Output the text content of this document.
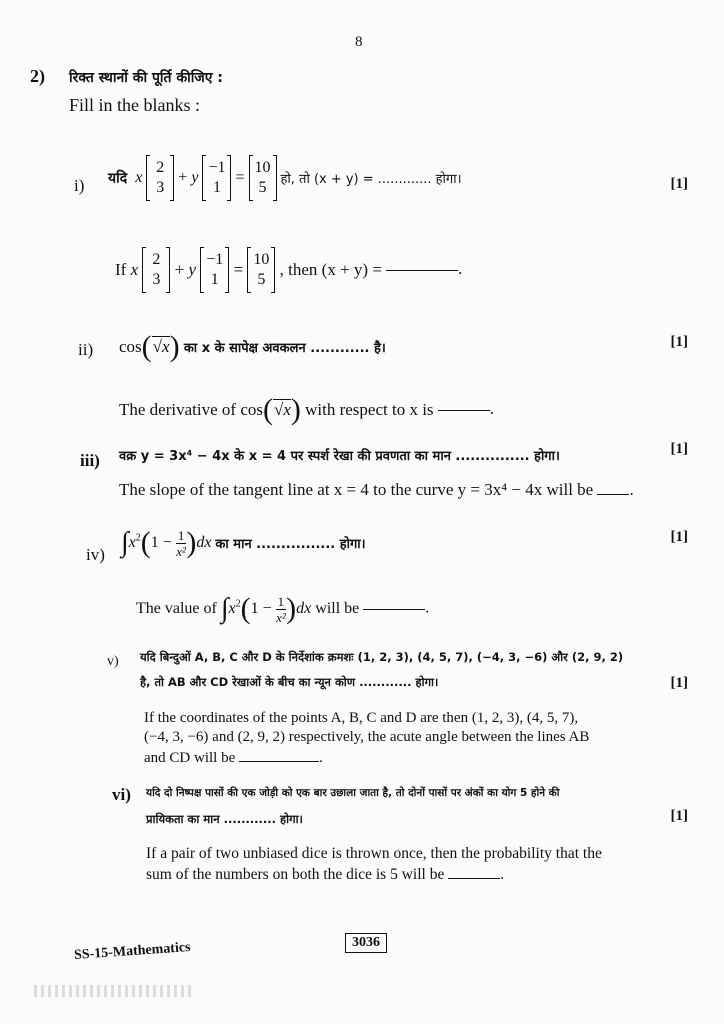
8
2) रिक्त स्थानों की पूर्ति कीजिए :
Fill in the blanks :
i) यदि x
2
3
+ y
−1
1
=
10
5	हो, तो (x + y) = ............. होगा।	[1]
If x
2
3
+ y
−1
1
=
10
5
, then (x + y) =	.
ii) cos(√x) का x के सापेक्ष अवकलन ............ है।	[1]
The derivative of cos(√x) with respect to x is	.
iii) वक्र y = 3x⁴ − 4x के x = 4 पर स्पर्श रेखा की प्रवणता का मान ............... होगा।	[1]
The slope of the tangent line at x = 4 to the curve y = 3x⁴ − 4x will be .
iv) $\int x^2(1 - \frac{1}{\text{x²}} )dx$ का मान ................ होगा।	[1]
The value of $\int x^2(1 - \frac{1}{\text{x²}} )dx$ will be	.
v) यदि बिन्दुओं A, B, C और D के निर्देशांक क्रमशः (1, 2, 3), (4, 5, 7), (−4, 3, −6) और (2, 9, 2)
है, तो AB और CD रेखाओं के बीच का न्यून कोण ............ होगा।	[1]
If the coordinates of the points A, B, C and D are then (1, 2, 3), (4, 5, 7),
(−4, 3, −6) and (2, 9, 2) respectively, the acute angle between the lines AB
and CD will be	.
vi) यदि दो निष्पक्ष पासों की एक जोड़ी को एक बार उछाला जाता है, तो दोनों पासों पर अंकों का योग 5 होने की
प्रायिकता का मान ............ होगा।	[1]
If a pair of two unbiased dice is thrown once, then the probability that the
sum of the numbers on both the dice is 5 will be	.
SS-15-Mathematics	3036
